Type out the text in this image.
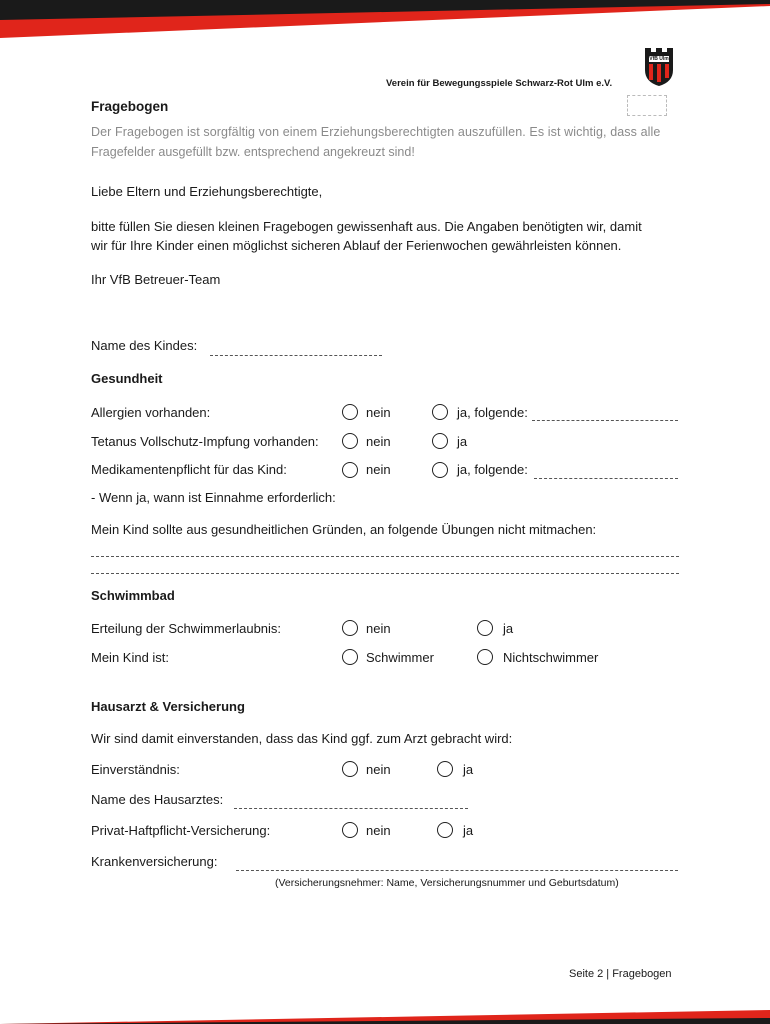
VfB Ulm
Verein für Bewegungsspiele Schwarz-Rot Ulm e.V.
Fragebogen
Der Fragebogen ist sorgfältig von einem Erziehungsberechtigten auszufüllen. Es ist wichtig, dass alle
Fragefelder ausgefüllt bzw. entsprechend angekreuzt sind!
Liebe Eltern und Erziehungsberechtigte,
bitte füllen Sie diesen kleinen Fragebogen gewissenhaft aus. Die Angaben benötigten wir, damit
wir für Ihre Kinder einen möglichst sicheren Ablauf der Ferienwochen gewährleisten können.
Ihr VfB Betreuer-Team
Name des Kindes:
Gesundheit
Allergien vorhanden:	nein	ja, folgende:
Tetanus Vollschutz-Impfung vorhanden:	nein	ja
Medikamentenpflicht für das Kind:	nein	ja, folgende:
- Wenn ja, wann ist Einnahme erforderlich:
Mein Kind sollte aus gesundheitlichen Gründen, an folgende Übungen nicht mitmachen:
Schwimmbad
Erteilung der Schwimmerlaubnis:	nein	ja
Mein Kind ist:	Schwimmer	Nichtschwimmer
Hausarzt & Versicherung
Wir sind damit einverstanden, dass das Kind ggf. zum Arzt gebracht wird:
Einverständnis:	nein	ja
Name des Hausarztes:
Privat-Haftpflicht-Versicherung:	nein	ja
Krankenversicherung:
(Versicherungsnehmer: Name, Versicherungsnummer und Geburtsdatum)
Seite 2 | Fragebogen
